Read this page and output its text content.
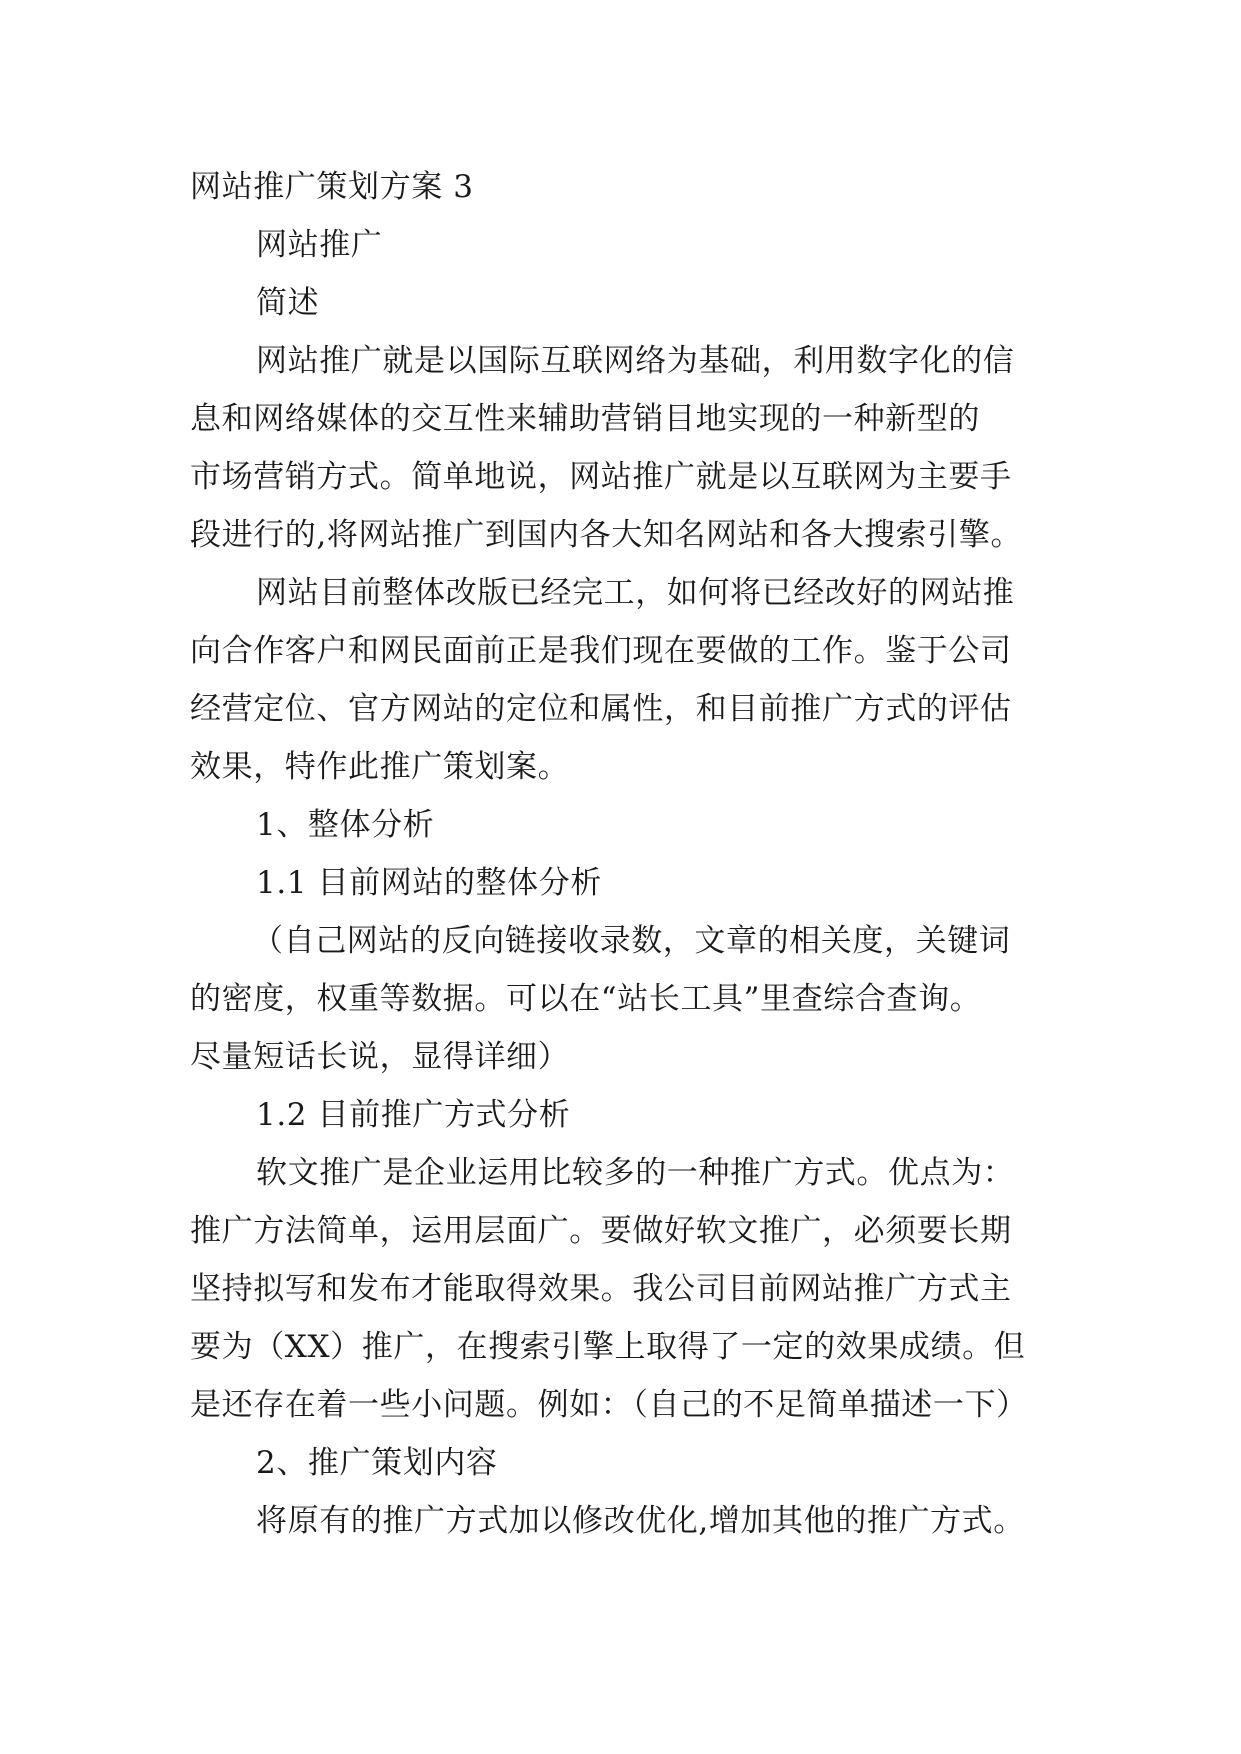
网站推广策划方案 3
网站推广
简述
网站推广就是以国际互联网络为基础，利用数字化的信
息和网络媒体的交互性来辅助营销目地实现的一种新型的
市场营销方式。简单地说，网站推广就是以互联网为主要手
段进行的,将网站推广到国内各大知名网站和各大搜索引擎。
网站目前整体改版已经完工，如何将已经改好的网站推
向合作客户和网民面前正是我们现在要做的工作。鉴于公司
经营定位、官方网站的定位和属性，和目前推广方式的评估
效果，特作此推广策划案。
1、整体分析
1.1 目前网站的整体分析
（自己网站的反向链接收录数，文章的相关度，关键词
的密度，权重等数据。可以在“站长工具”里查综合查询。
尽量短话长说，显得详细）
1.2 目前推广方式分析
软文推广是企业运用比较多的一种推广方式。优点为：
推广方法简单，运用层面广。要做好软文推广，必须要长期
坚持拟写和发布才能取得效果。我公司目前网站推广方式主
要为（XX）推广，在搜索引擎上取得了一定的效果成绩。但
是还存在着一些小问题。例如：（自己的不足简单描述一下）
2、推广策划内容
将原有的推广方式加以修改优化,增加其他的推广方式。
